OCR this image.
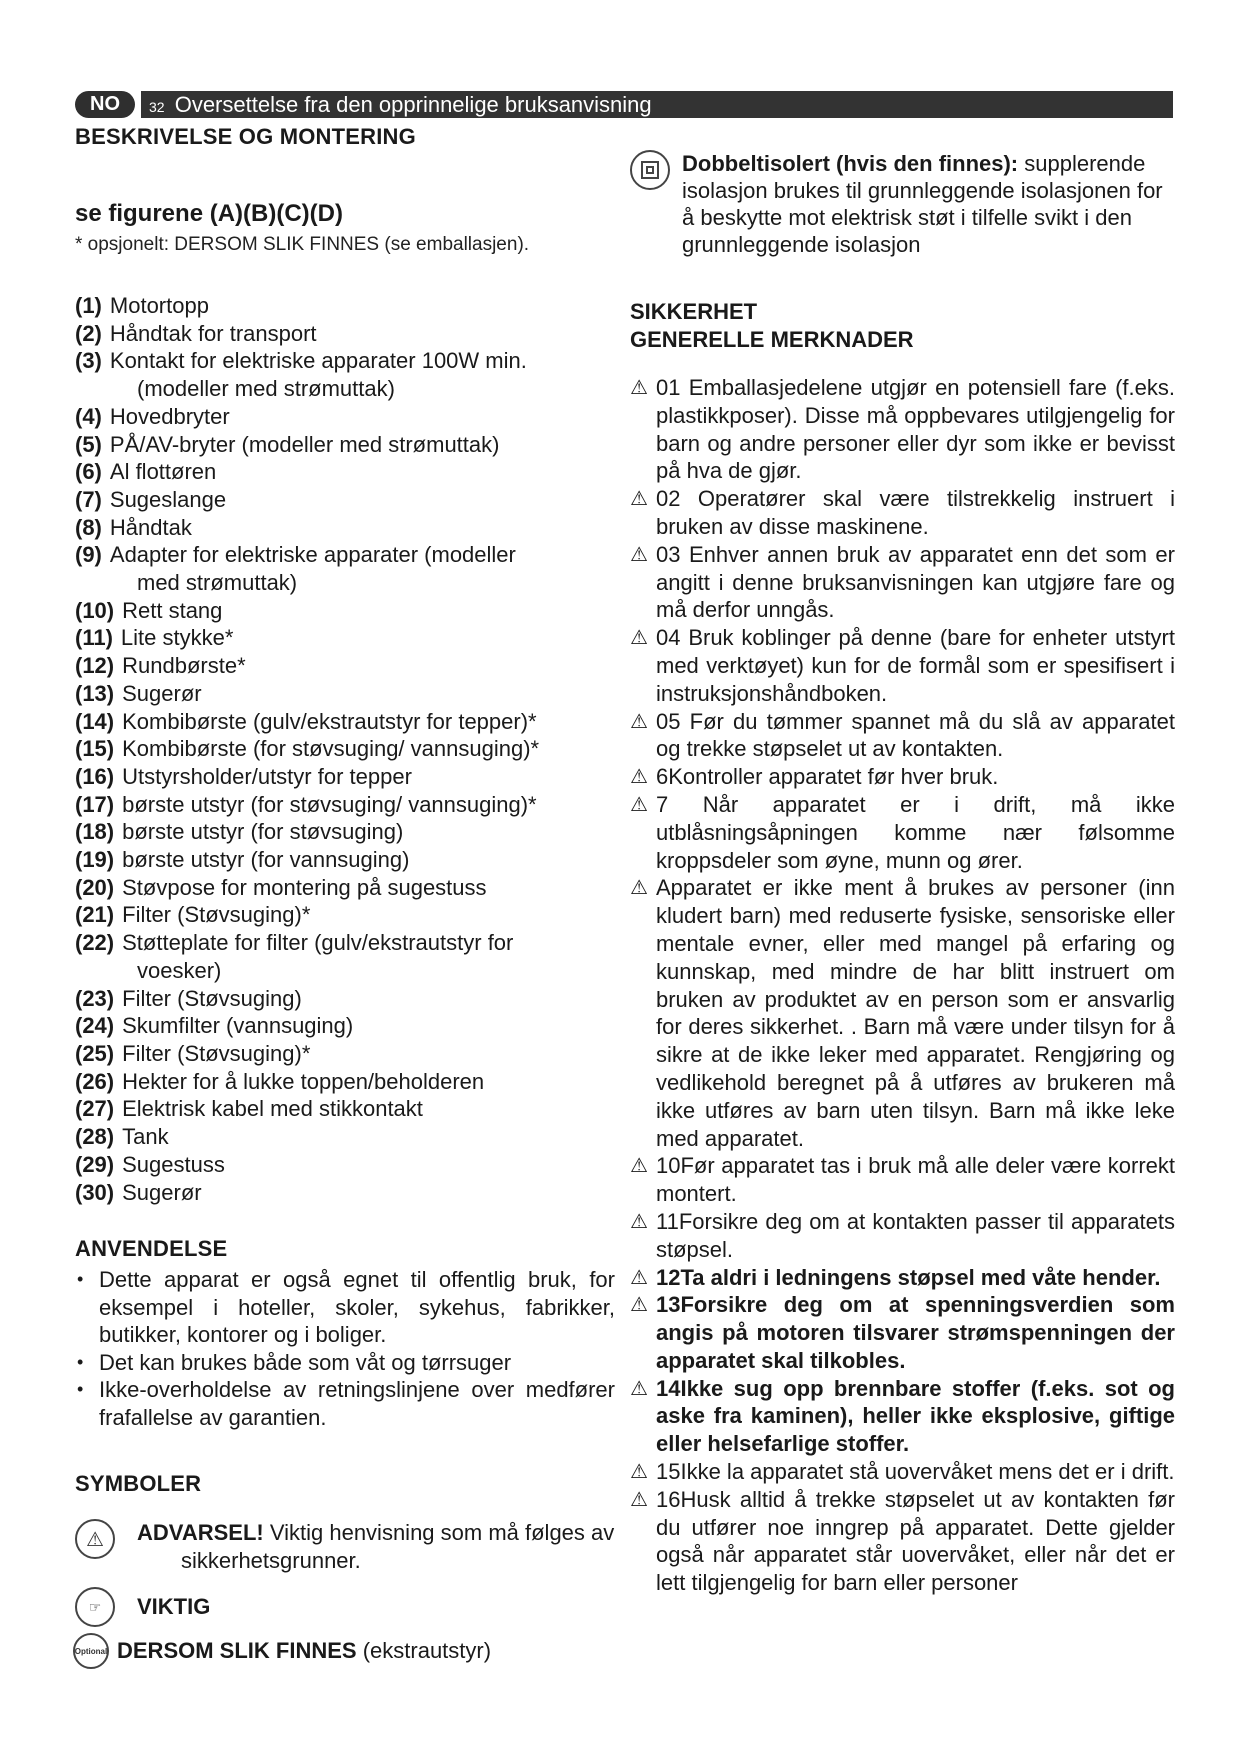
NO	32 Oversettelse fra den opprinnelige bruksanvisning
BESKRIVELSE OG MONTERING
se figurene (A)(B)(C)(D)
* opsjonelt: DERSOM SLIK FINNES (se emballasjen).
(1) Motortopp
(2) Håndtak for transport
(3) Kontakt for elektriske apparater 100W min.
(modeller med strømuttak)
(4) Hovedbryter
(5) PÅ/AV-bryter (modeller med strømuttak)
(6) Al flottøren
(7) Sugeslange
(8) Håndtak
(9) Adapter for elektriske apparater (modeller
med strømuttak)
(10) Rett stang
(11) Lite stykke*
(12) Rundbørste*
(13) Sugerør
(14) Kombibørste (gulv/ekstrautstyr for tepper)*
(15) Kombibørste (for støvsuging/ vannsuging)*
(16) Utstyrsholder/utstyr for tepper
(17) børste utstyr (for støvsuging/ vannsuging)*
(18) børste utstyr (for støvsuging)
(19) børste utstyr (for vannsuging)
(20) Støvpose for montering på sugestuss
(21) Filter (Støvsuging)*
(22) Støtteplate for filter (gulv/ekstrautstyr for
voesker)
(23) Filter (Støvsuging)
(24) Skumfilter (vannsuging)
(25) Filter (Støvsuging)*
(26) Hekter for å lukke toppen/beholderen
(27) Elektrisk kabel med stikkontakt
(28) Tank
(29) Sugestuss
(30) Sugerør
ANVENDELSE
• Dette apparat er også egnet til offentlig bruk, for eksempel i hoteller, skoler, sykehus, fabrikker, butikker, kontorer og i boliger.
• Det kan brukes både som våt og tørrsuger
• Ikke-overholdelse av retningslinjene over medfører frafallelse av garantien.
SYMBOLER
⚠	ADVARSEL! Viktig henvisning som må følges av
sikkerhetsgrunner.
☞	VIKTIG
Optional DERSOM SLIK FINNES (ekstrautstyr)
Dobbeltisolert (hvis den finnes): supplerende isolasjon brukes til grunnleggende isolasjonen for å beskytte mot elektrisk støt i tilfelle svikt i den grunnleggende isolasjon
SIKKERHET
GENERELLE MERKNADER
⚠ 01 Emballasjedelene utgjør en potensiell fare (f.eks. plastikkposer). Disse må oppbevares utilgjengelig for barn og andre personer eller dyr som ikke er bevisst på hva de gjør.
⚠ 02 Operatører skal være tilstrekkelig instruert i bruken av disse maskinene.
⚠ 03 Enhver annen bruk av apparatet enn det som er angitt i denne bruksanvisningen kan utgjøre fare og må derfor unngås.
⚠ 04 Bruk koblinger på denne (bare for enheter utstyrt med verktøyet) kun for de formål som er spesifisert i instruksjonshåndboken.
⚠ 05 Før du tømmer spannet må du slå av apparatet og trekke støpselet ut av kontakten.
⚠ 6Kontroller apparatet før hver bruk.
⚠ 7 Når apparatet er i drift, må ikke utblåsningsåpningen komme nær følsomme kroppsdeler som øyne, munn og ører.
⚠ Apparatet er ikke ment å brukes av personer (inn kludert barn) med reduserte fysiske, sensoriske eller mentale evner, eller med mangel på erfaring og kunnskap, med mindre de har blitt instruert om bruken av produktet av en person som er ansvarlig for deres sikkerhet. . Barn må være under tilsyn for å sikre at de ikke leker med apparatet. Rengjøring og vedlikehold beregnet på å utføres av brukeren må ikke utføres av barn uten tilsyn. Barn må ikke leke med apparatet.
⚠ 10Før apparatet tas i bruk må alle deler være korrekt montert.
⚠ 11Forsikre deg om at kontakten passer til apparatets støpsel.
⚠ 12Ta aldri i ledningens støpsel med våte hender.
⚠ 13Forsikre deg om at spenningsverdien som angis på motoren tilsvarer strømspenningen der apparatet skal tilkobles.
⚠ 14Ikke sug opp brennbare stoffer (f.eks. sot og aske fra kaminen), heller ikke eksplosive, giftige eller helsefarlige stoffer.
⚠ 15Ikke la apparatet stå uovervåket mens det er i drift.
⚠ 16Husk alltid å trekke støpselet ut av kontakten før du utfører noe inngrep på apparatet. Dette gjelder også når apparatet står uovervåket, eller når det er lett tilgjengelig for barn eller personer
